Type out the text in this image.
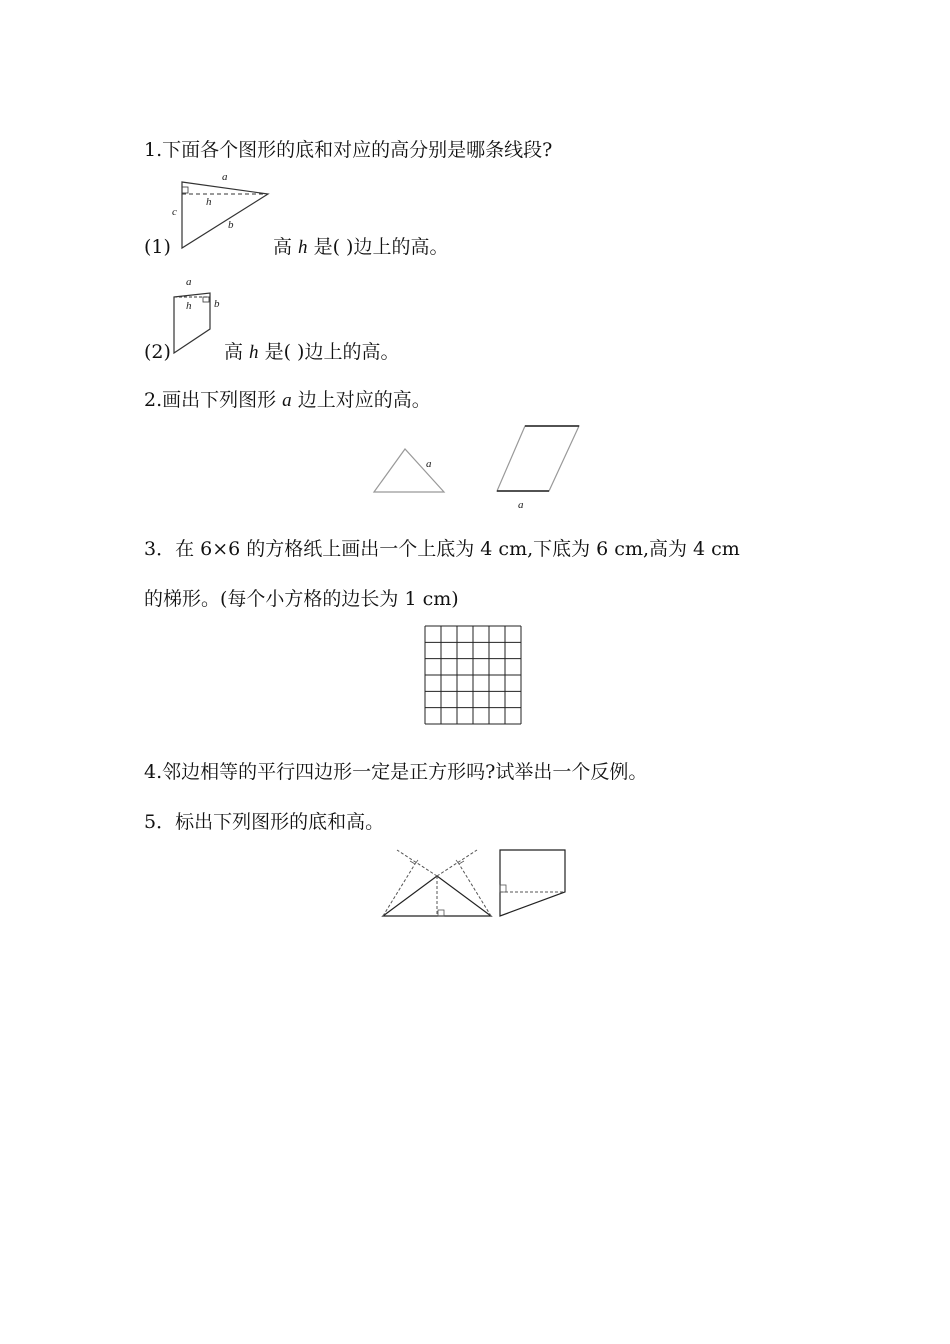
1.下面各个图形的底和对应的高分别是哪条线段?
a
h
c
b
(1)	高 h 是( )边上的高。
a
h b
(2)	高 h 是( )边上的高。
2.画出下列图形 a 边上对应的高。
a
a
3．在 6×6 的方格纸上画出一个上底为 4 cm,下底为 6 cm,高为 4 cm
的梯形。(每个小方格的边长为 1 cm)
4.邻边相等的平行四边形一定是正方形吗?试举出一个反例。
5．标出下列图形的底和高。
